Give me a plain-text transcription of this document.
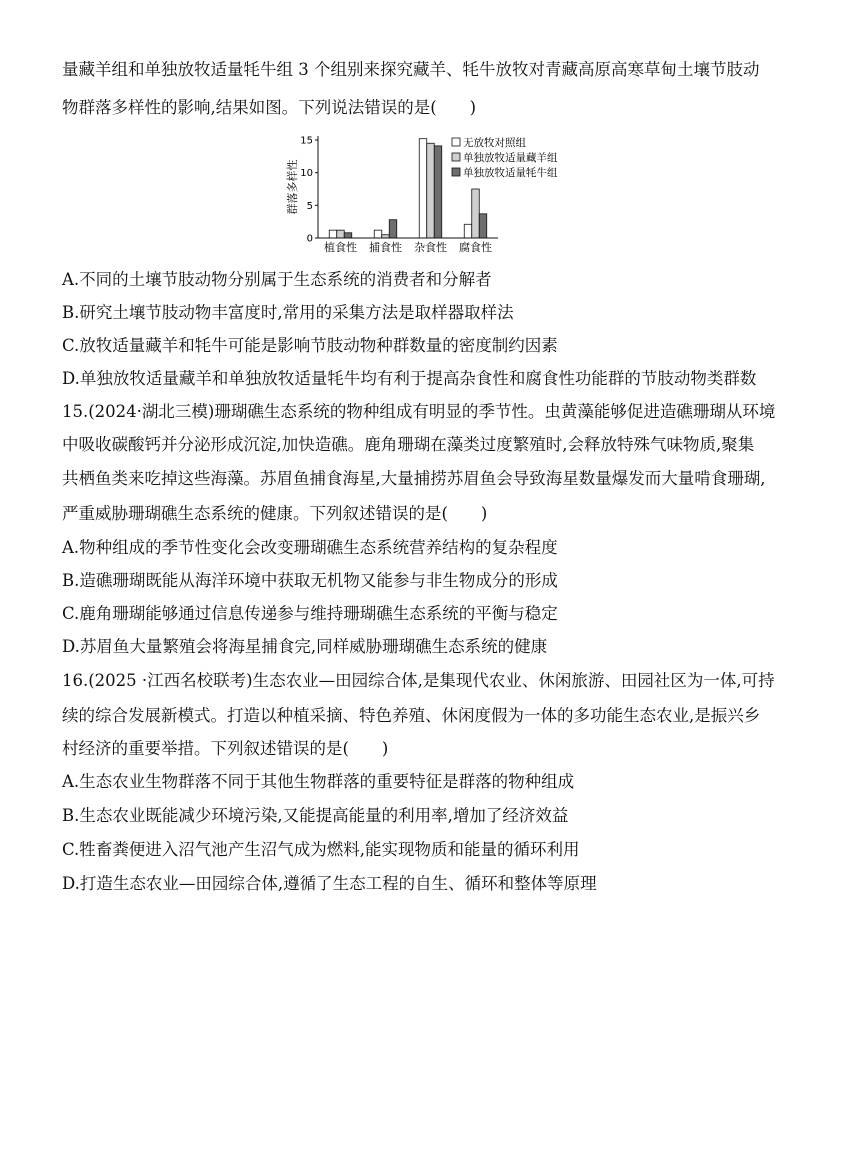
量藏羊组和单独放牧适量牦牛组 3 个组别来探究藏羊、牦牛放牧对青藏高原高寒草甸土壤节肢动
物群落多样性的影响,结果如图。下列说法错误的是(　　)
0
5
10
15
植食性 捕食性 杂食性 腐食性
群落多样性
无放牧对照组
单独放牧适量藏羊组
单独放牧适量牦牛组
A.不同的土壤节肢动物分别属于生态系统的消费者和分解者
B.研究土壤节肢动物丰富度时,常用的采集方法是取样器取样法
C.放牧适量藏羊和牦牛可能是影响节肢动物种群数量的密度制约因素
D.单独放牧适量藏羊和单独放牧适量牦牛均有利于提高杂食性和腐食性功能群的节肢动物类群数
15.(2024·湖北三模)珊瑚礁生态系统的物种组成有明显的季节性。虫黄藻能够促进造礁珊瑚从环境
中吸收碳酸钙并分泌形成沉淀,加快造礁。鹿角珊瑚在藻类过度繁殖时,会释放特殊气味物质,聚集
共栖鱼类来吃掉这些海藻。苏眉鱼捕食海星,大量捕捞苏眉鱼会导致海星数量爆发而大量啃食珊瑚,
严重威胁珊瑚礁生态系统的健康。下列叙述错误的是(　　)
A.物种组成的季节性变化会改变珊瑚礁生态系统营养结构的复杂程度
B.造礁珊瑚既能从海洋环境中获取无机物又能参与非生物成分的形成
C.鹿角珊瑚能够通过信息传递参与维持珊瑚礁生态系统的平衡与稳定
D.苏眉鱼大量繁殖会将海星捕食完,同样威胁珊瑚礁生态系统的健康
16.(2025 ·江西名校联考)生态农业—田园综合体,是集现代农业、休闲旅游、田园社区为一体,可持
续的综合发展新模式。打造以种植采摘、特色养殖、休闲度假为一体的多功能生态农业,是振兴乡
村经济的重要举措。下列叙述错误的是(　　)
A.生态农业生物群落不同于其他生物群落的重要特征是群落的物种组成
B.生态农业既能减少环境污染,又能提高能量的利用率,增加了经济效益
C.牲畜粪便进入沼气池产生沼气成为燃料,能实现物质和能量的循环利用
D.打造生态农业—田园综合体,遵循了生态工程的自生、循环和整体等原理
